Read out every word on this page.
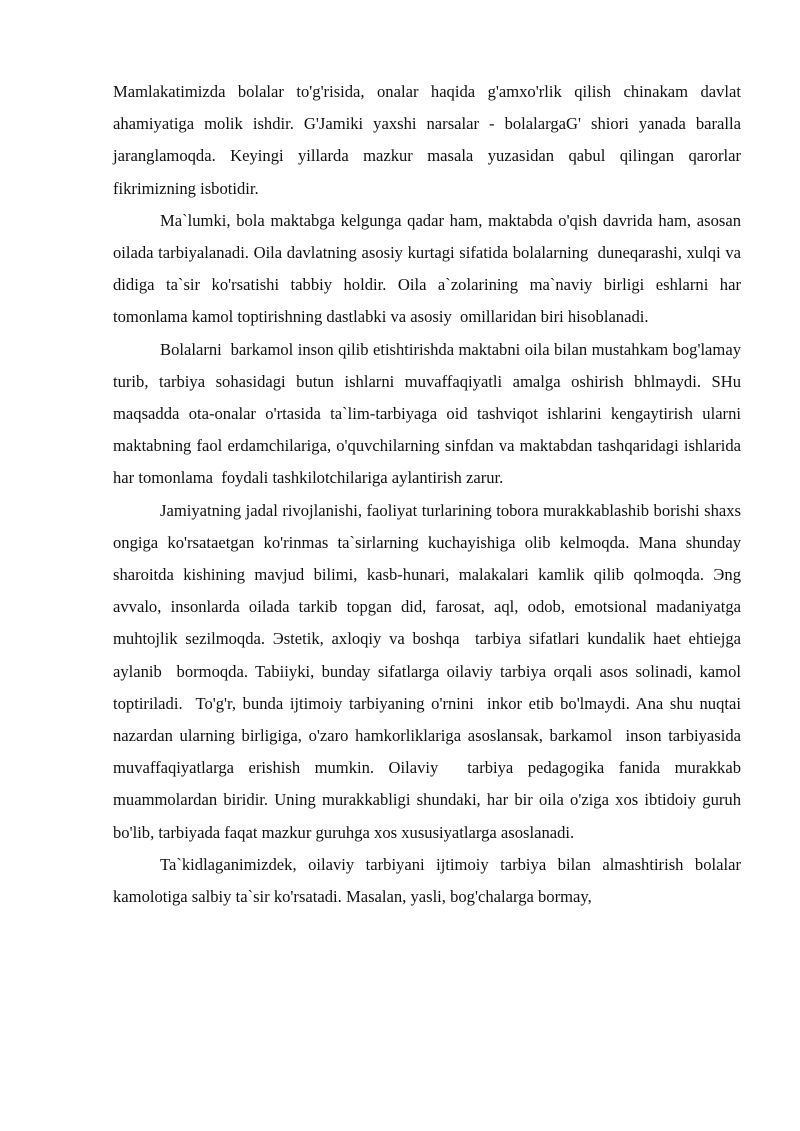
Mamlakatimizda bolalar to'g'risida, onalar haqida g'amxo'rlik qilish chinakam davlat ahamiyatiga molik ishdir. G'Jamiki yaxshi narsalar - bolalargaG' shiori yanada baralla jaranglamoqda. Keyingi yillarda mazkur masala yuzasidan qabul qilingan qarorlar fikrimizning isbotidir.

Ma`lumki, bola maktabga kelgunga qadar ham, maktabda o'qish davrida ham, asosan oilada tarbiyalanadi. Oila davlatning asosiy kurtagi sifatida bolalarning  duneqarashi, xulqi va didiga ta`sir ko'rsatishi tabbiy holdir. Oila a`zolarining ma`naviy birligi eshlarni har tomonlama kamol toptirishning dastlabki va asosiy  omillaridan biri hisoblanadi.

Bolalarni  barkamol inson qilib etishtirishda maktabni oila bilan mustahkam bog'lamay  turib, tarbiya sohasidagi butun ishlarni muvaffaqiyatli amalga oshirish bhlmaydi. SHu maqsadda ota-onalar o'rtasida ta`lim-tarbiyaga oid tashviqot ishlarini kengaytirish ularni maktabning faol erdamchilariga, o'quvchilarning sinfdan va maktabdan tashqaridagi ishlarida har tomonlama  foydali tashkilotchilariga aylantirish zarur.

Jamiyatning jadal rivojlanishi, faoliyat turlarining tobora murakkablashib borishi shaxs ongiga ko'rsataetgan ko'rinmas ta`sirlarning kuchayishiga olib kelmoqda. Mana shunday sharoitda kishining mavjud bilimi, kasb-hunari, malakalari kamlik qilib qolmoqda. Эng avvalo, insonlarda oilada tarkib topgan did, farosat, aql, odob, emotsional madaniyatga muhtojlik sezilmoqda. Эstetik, axloqiy va boshqa  tarbiya sifatlari kundalik haet ehtiejga  aylanib  bormoqda. Tabiiyki, bunday sifatlarga oilaviy tarbiya orqali asos solinadi, kamol toptiriladi.  To'g'r, bunda ijtimoiy tarbiyaning o'rnini  inkor etib bo'lmaydi. Ana shu nuqtai nazardan ularning birligiga, o'zaro hamkorliklariga asoslansak, barkamol  inson tarbiyasida muvaffaqiyatlarga erishish mumkin. Oilaviy  tarbiya pedagogika fanida murakkab muammolardan biridir. Uning murakkabligi shundaki, har bir oila o'ziga xos ibtidoiy guruh bo'lib, tarbiyada faqat mazkur guruhga xos xususiyatlarga asoslanadi.

Ta`kidlaganimizdek, oilaviy tarbiyani ijtimoiy tarbiya bilan almashtirish bolalar kamolotiga salbiy ta`sir ko'rsatadi. Masalan, yasli, bog'chalarga bormay,
